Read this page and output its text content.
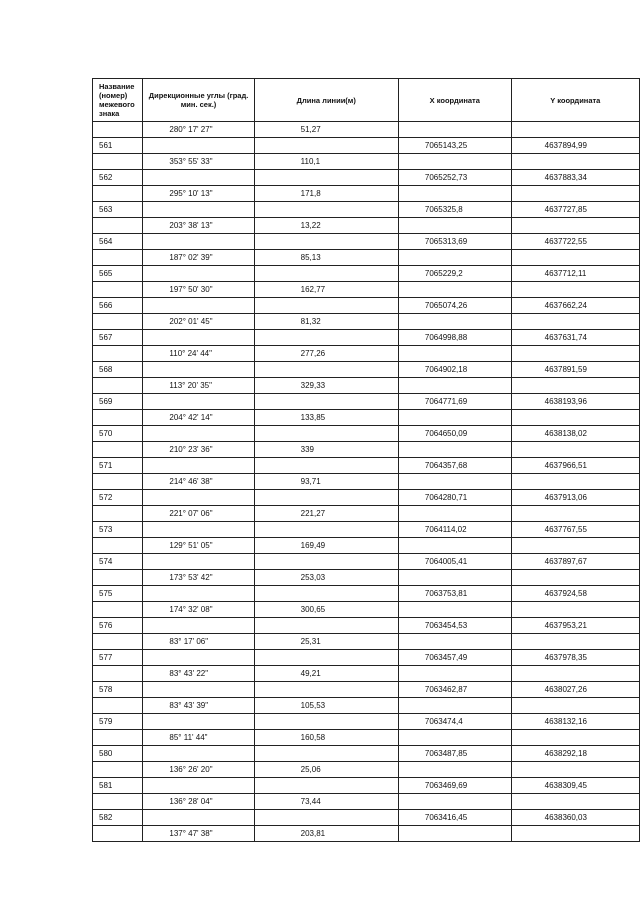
Название (номер) межевого знака	Дирекционные углы (град. мин. сек.)	Длина линии(м)	X координата	Y координата
	280° 17' 27"	51,27		
561			7065143,25	4637894,99
	353° 55' 33"	110,1		
562			7065252,73	4637883,34
	295° 10' 13"	171,8		
563			7065325,8	4637727,85
	203° 38' 13"	13,22		
564			7065313,69	4637722,55
	187° 02' 39"	85,13		
565			7065229,2	4637712,11
	197° 50' 30"	162,77		
566			7065074,26	4637662,24
	202° 01' 45"	81,32		
567			7064998,88	4637631,74
	110° 24' 44"	277,26		
568			7064902,18	4637891,59
	113° 20' 35"	329,33		
569			7064771,69	4638193,96
	204° 42' 14"	133,85		
570			7064650,09	4638138,02
	210° 23' 36"	339		
571			7064357,68	4637966,51
	214° 46' 38"	93,71		
572			7064280,71	4637913,06
	221° 07' 06"	221,27		
573			7064114,02	4637767,55
	129° 51' 05"	169,49		
574			7064005,41	4637897,67
	173° 53' 42"	253,03		
575			7063753,81	4637924,58
	174° 32' 08"	300,65		
576			7063454,53	4637953,21
	83° 17' 06"	25,31		
577			7063457,49	4637978,35
	83° 43' 22"	49,21		
578			7063462,87	4638027,26
	83° 43' 39"	105,53		
579			7063474,4	4638132,16
	85° 11' 44"	160,58		
580			7063487,85	4638292,18
	136° 26' 20"	25,06		
581			7063469,69	4638309,45
	136° 28' 04"	73,44		
582			7063416,45	4638360,03
	137° 47' 38"	203,81		
